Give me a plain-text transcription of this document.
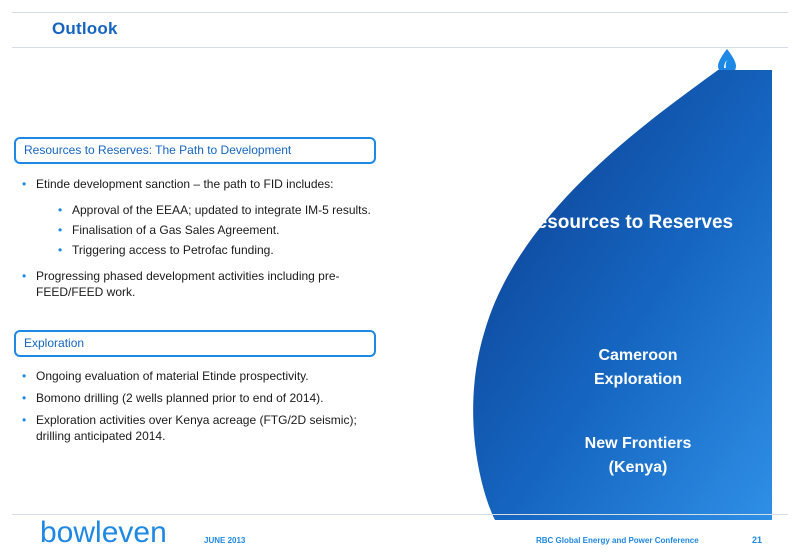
Outlook
Resources to Reserves: The Path to Development
• Etinde development sanction – the path to FID includes:
• Approval of the EEAA; updated to integrate IM-5 results.
• Finalisation of a Gas Sales Agreement.
• Triggering access to Petrofac funding.
• Progressing phased development activities including pre-FEED/FEED work.
Exploration
• Ongoing evaluation of material Etinde prospectivity.
• Bomono drilling (2 wells planned prior to end of 2014).
• Exploration activities over Kenya acreage (FTG/2D seismic); drilling anticipated 2014.
Resources to Reserves
Cameroon
Exploration
New Frontiers
(Kenya)
bowleven	JUNE 2013	RBC Global Energy and Power Conference	21
